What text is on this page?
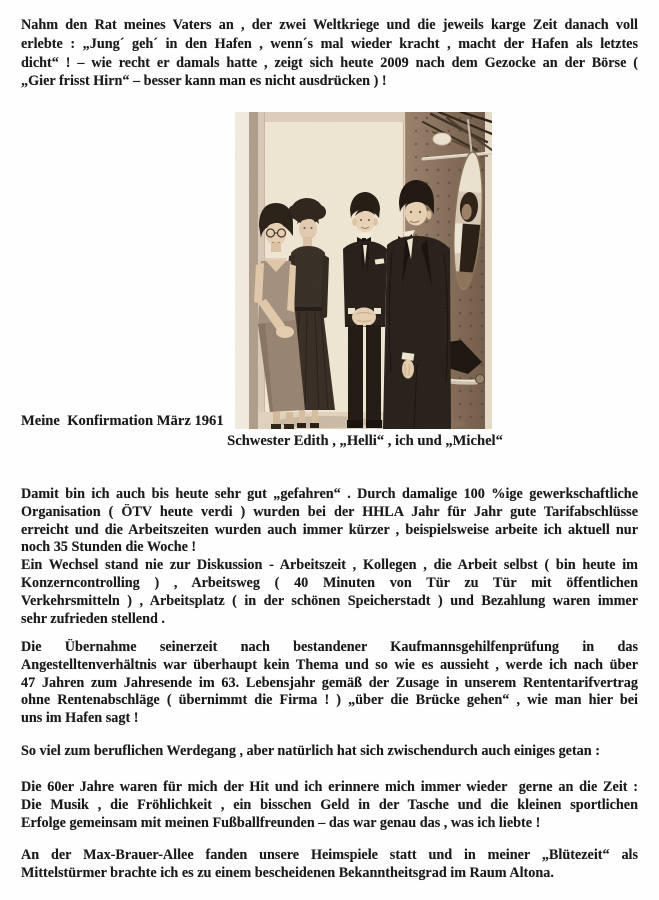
Nahm den Rat meines Vaters an , der zwei Weltkriege und die jeweils karge Zeit danach voll
erlebte : „Jung´ geh´ in den Hafen , wenn´s mal wieder kracht , macht der Hafen als letztes
dicht“ ! – wie recht er damals hatte , zeigt sich heute 2009 nach dem Gezocke an der Börse (
„Gier frisst Hirn“ – besser kann man es nicht ausdrücken ) !
Meine  Konfirmation März 1961
Schwester Edith , „Helli“ , ich und „Michel“
Damit bin ich auch bis heute sehr gut „gefahren“ . Durch damalige 100 %ige gewerkschaftliche
Organisation ( ÖTV heute verdi ) wurden bei der HHLA Jahr für Jahr gute Tarifabschlüsse
erreicht und die Arbeitszeiten wurden auch immer kürzer , beispielsweise arbeite ich aktuell nur
noch 35 Stunden die Woche !
Ein Wechsel stand nie zur Diskussion - Arbeitszeit , Kollegen , die Arbeit selbst ( bin heute im
Konzerncontrolling ) , Arbeitsweg ( 40 Minuten von Tür zu Tür mit öffentlichen
Verkehrsmitteln ) , Arbeitsplatz ( in der schönen Speicherstadt ) und Bezahlung waren immer
sehr zufrieden stellend .
Die Übernahme seinerzeit nach bestandener Kaufmannsgehilfenprüfung in das
Angestelltenverhältnis war überhaupt kein Thema und so wie es aussieht , werde ich nach über
47 Jahren zum Jahresende im 63. Lebensjahr gemäß der Zusage in unserem Rententarifvertrag
ohne Rentenabschläge ( übernimmt die Firma ! ) „über die Brücke gehen“ , wie man hier bei
uns im Hafen sagt !
So viel zum beruflichen Werdegang , aber natürlich hat sich zwischendurch auch einiges getan :
Die 60er Jahre waren für mich der Hit und ich erinnere mich immer wieder  gerne an die Zeit :
Die Musik , die Fröhlichkeit , ein bisschen Geld in der Tasche und die kleinen sportlichen
Erfolge gemeinsam mit meinen Fußballfreunden – das war genau das , was ich liebte !
An der Max-Brauer-Allee fanden unsere Heimspiele statt und in meiner „Blütezeit“ als
Mittelstürmer brachte ich es zu einem bescheidenen Bekanntheitsgrad im Raum Altona.
